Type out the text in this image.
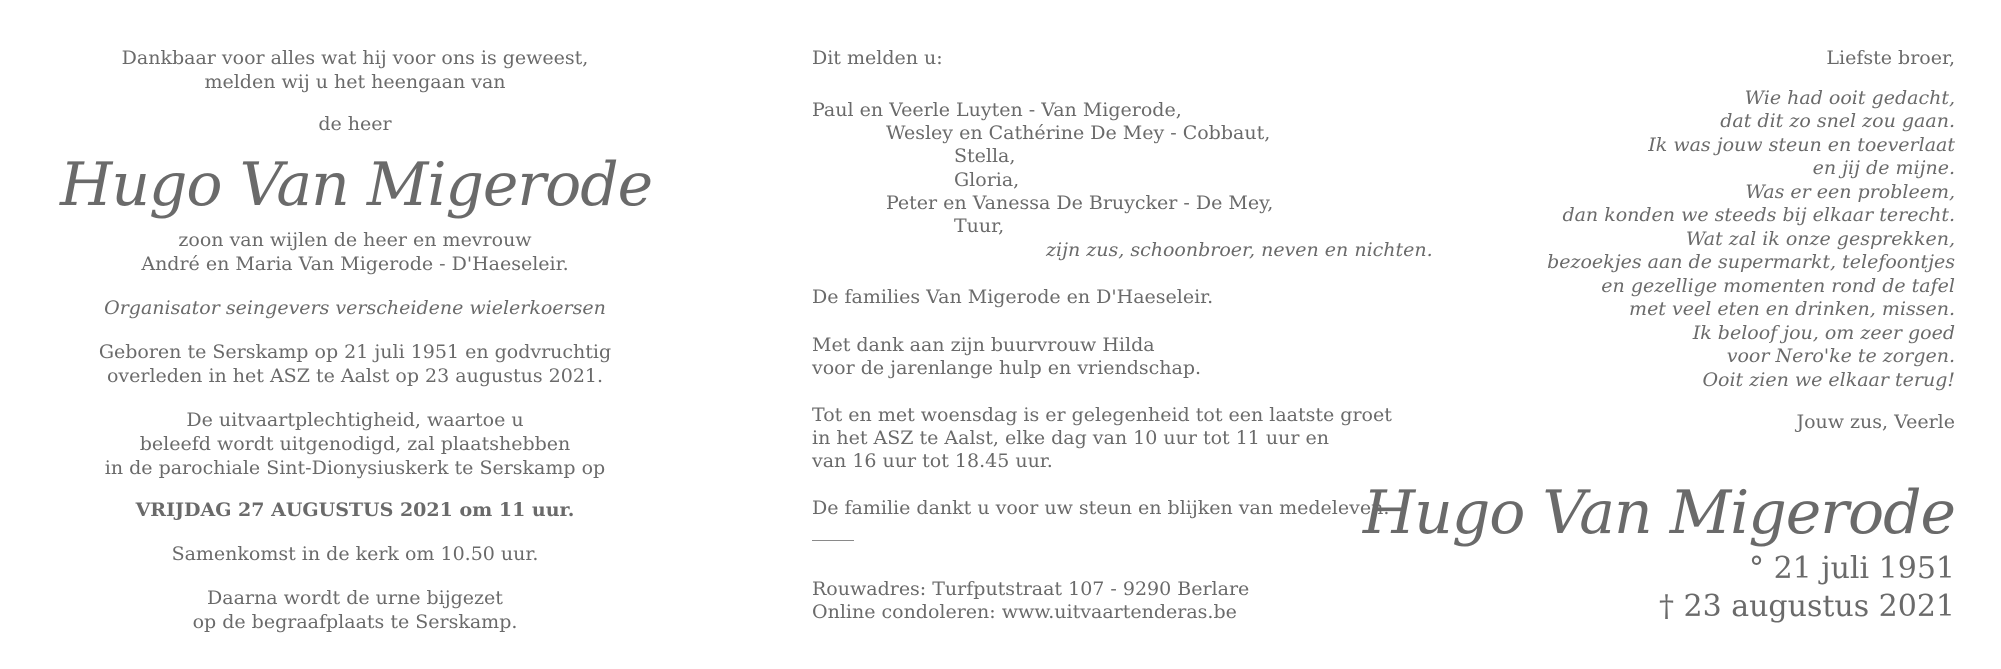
Dankbaar voor alles wat hij voor ons is geweest,
melden wij u het heengaan van
de heer
Hugo Van Migerode
zoon van wijlen de heer en mevrouw
André en Maria Van Migerode - D'Haeseleir.
Organisator seingevers verscheidene wielerkoersen
Geboren te Serskamp op 21 juli 1951 en godvruchtig
overleden in het ASZ te Aalst op 23 augustus 2021.
De uitvaartplechtigheid, waartoe u
beleefd wordt uitgenodigd, zal plaatshebben
in de parochiale Sint-Dionysiuskerk te Serskamp op
VRIJDAG 27 AUGUSTUS 2021 om 11 uur.
Samenkomst in de kerk om 10.50 uur.
Daarna wordt de urne bijgezet
op de begraafplaats te Serskamp.
Dit melden u:
Paul en Veerle Luyten - Van Migerode,
Wesley en Cathérine De Mey - Cobbaut,
Stella,
Gloria,
Peter en Vanessa De Bruycker - De Mey,
Tuur,
zijn zus, schoonbroer, neven en nichten.
De families Van Migerode en D'Haeseleir.
Met dank aan zijn buurvrouw Hilda
voor de jarenlange hulp en vriendschap.
Tot en met woensdag is er gelegenheid tot een laatste groet
in het ASZ te Aalst, elke dag van 10 uur tot 11 uur en
van 16 uur tot 18.45 uur.
De familie dankt u voor uw steun en blijken van medeleven.
Rouwadres: Turfputstraat 107 - 9290 Berlare
Online condoleren: www.uitvaartenderas.be
Liefste broer,
Wie had ooit gedacht,
dat dit zo snel zou gaan.
Ik was jouw steun en toeverlaat
en jij de mijne.
Was er een probleem,
dan konden we steeds bij elkaar terecht.
Wat zal ik onze gesprekken,
bezoekjes aan de supermarkt, telefoontjes
en gezellige momenten rond de tafel
met veel eten en drinken, missen.
Ik beloof jou, om zeer goed
voor Nero'ke te zorgen.
Ooit zien we elkaar terug!
Jouw zus, Veerle
Hugo Van Migerode
° 21 juli 1951
† 23 augustus 2021
